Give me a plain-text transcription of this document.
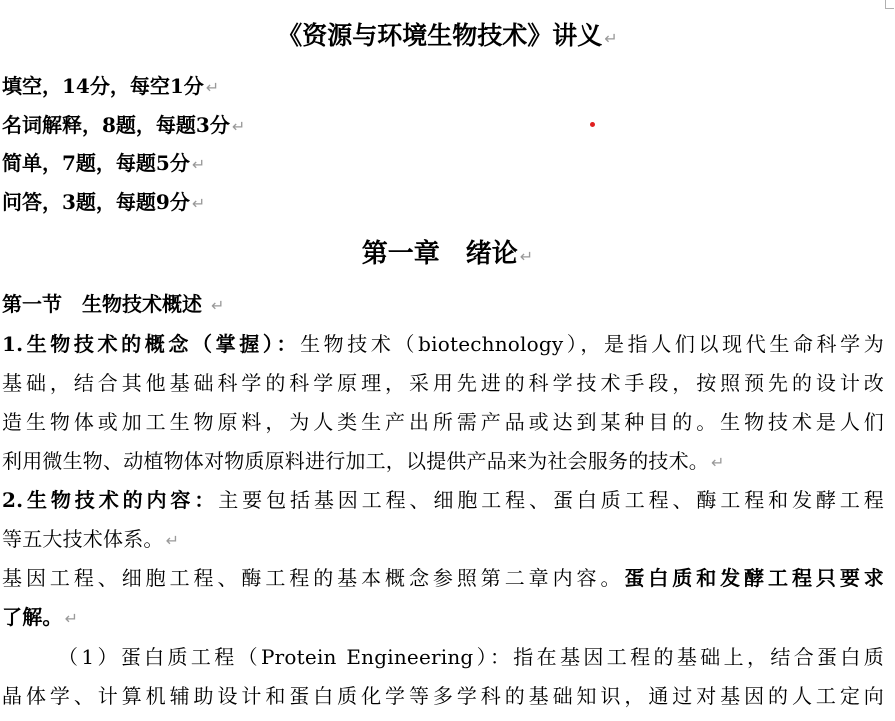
《资源与环境生物技术》讲义 ↵
填空，14分，每空1分 ↵
名词解释，8题，每题3分 ↵
简单，7题，每题5分 ↵
问答，3题，每题9分 ↵
第一章　绪论 ↵
第一节　生物技术概述 ↵
1.生物技术的概念（掌握）：生物技术（biotechnology），是指人们以现代生命科学为
基础，结合其他基础科学的科学原理，采用先进的科学技术手段，按照预先的设计改
造生物体或加工生物原料，为人类生产出所需产品或达到某种目的。生物技术是人们
利用微生物、动植物体对物质原料进行加工，以提供产品来为社会服务的技术。 ↵
2.生物技术的内容：主要包括基因工程、细胞工程、蛋白质工程、酶工程和发酵工程
等五大技术体系。 ↵
基因工程、细胞工程、酶工程的基本概念参照第二章内容。蛋白质和发酵工程只要求
了解。 ↵
（1）蛋白质工程（Protein Engineering）：指在基因工程的基础上，结合蛋白质
晶体学、计算机辅助设计和蛋白质化学等多学科的基础知识，通过对基因的人工定向
